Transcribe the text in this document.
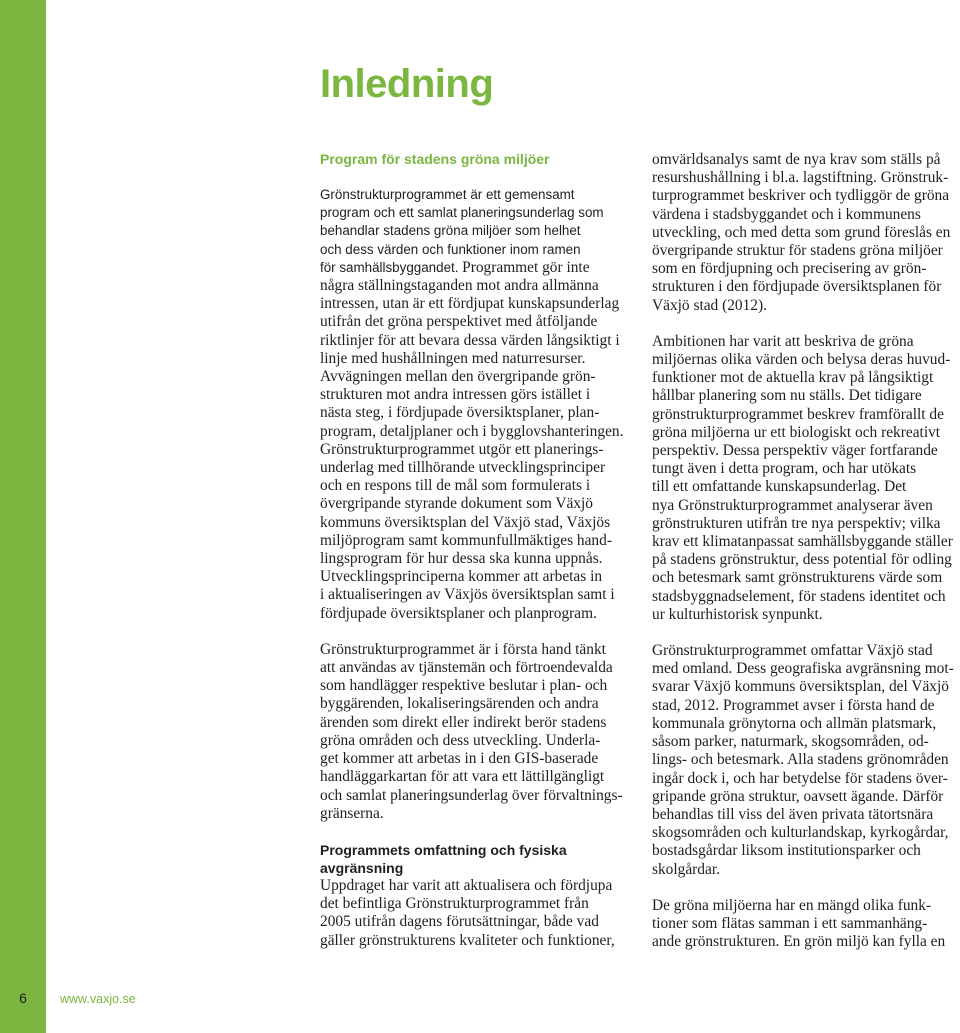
Inledning
Program för stadens gröna miljöer

Grönstrukturprogrammet är ett gemensamt
program och ett samlat planeringsunderlag som
behandlar stadens gröna miljöer som helhet
och dess värden och funktioner inom ramen
för samhällsbyggandet. Programmet gör inte
några ställningstaganden mot andra allmänna
intressen, utan är ett fördjupat kunskapsunderlag
utifrån det gröna perspektivet med åtföljande
riktlinjer för att bevara dessa värden långsiktigt i
linje med hushållningen med naturresurser.
Avvägningen mellan den övergripande grön-
strukturen mot andra intressen görs istället i
nästa steg, i fördjupade översiktsplaner, plan-
program, detaljplaner och i bygglovshanteringen.
Grönstrukturprogrammet utgör ett planerings-
underlag med tillhörande utvecklingsprinciper
och en respons till de mål som formulerats i
övergripande styrande dokument som Växjö
kommuns översiktsplan del Växjö stad, Växjös
miljöprogram samt kommunfullmäktiges hand-
lingsprogram för hur dessa ska kunna uppnås.
Utvecklingsprinciperna kommer att arbetas in
i aktualiseringen av Växjös översiktsplan samt i
fördjupade översiktsplaner och planprogram.

Grönstrukturprogrammet är i första hand tänkt
att användas av tjänstemän och förtroendevalda
som handlägger respektive beslutar i plan- och
byggärenden, lokaliseringsärenden och andra
ärenden som direkt eller indirekt berör stadens
gröna områden och dess utveckling. Underla-
get kommer att arbetas in i den GIS-baserade
handläggarkartan för att vara ett lättillgängligt
och samlat planeringsunderlag över förvaltnings-
gränserna.

Programmets omfattning och fysiska
avgränsning

Uppdraget har varit att aktualisera och fördjupa
det befintliga Grönstrukturprogrammet från
2005 utifrån dagens förutsättningar, både vad
gäller grönstrukturens kvaliteter och funktioner,

omvärldsanalys samt de nya krav som ställs på
resurshushållning i bl.a. lagstiftning. Grönstruk-
turprogrammet beskriver och tydliggör de gröna
värdena i stadsbyggandet och i kommunens
utveckling, och med detta som grund föreslås en
övergripande struktur för stadens gröna miljöer
som en fördjupning och precisering av grön-
strukturen i den fördjupade översiktsplanen för
Växjö stad (2012).

Ambitionen har varit att beskriva de gröna
miljöernas olika värden och belysa deras huvud-
funktioner mot de aktuella krav på långsiktigt
hållbar planering som nu ställs. Det tidigare
grönstrukturprogrammet beskrev framförallt de
gröna miljöerna ur ett biologiskt och rekreativt
perspektiv. Dessa perspektiv väger fortfarande
tungt även i detta program, och har utökats
till ett omfattande kunskapsunderlag. Det
nya Grönstrukturprogrammet analyserar även
grönstrukturen utifrån tre nya perspektiv; vilka
krav ett klimatanpassat samhällsbyggande ställer
på stadens grönstruktur, dess potential för odling
och betesmark samt grönstrukturens värde som
stadsbyggnadselement, för stadens identitet och
ur kulturhistorisk synpunkt.

Grönstrukturprogrammet omfattar Växjö stad
med omland. Dess geografiska avgränsning mot-
svarar Växjö kommuns översiktsplan, del Växjö
stad, 2012. Programmet avser i första hand de
kommunala grönytorna och allmän platsmark,
såsom parker, naturmark, skogsområden, od-
lings- och betesmark. Alla stadens grönområden
ingår dock i, och har betydelse för stadens över-
gripande gröna struktur, oavsett ägande. Därför
behandlas till viss del även privata tätortsnära
skogsområden och kulturlandskap, kyrkogårdar,
bostadsgårdar liksom institutionsparker och
skolgårdar.

De gröna miljöerna har en mängd olika funk-
tioner som flätas samman i ett sammanhäng-
ande grönstrukturen. En grön miljö kan fylla en

6	www.vaxjo.se
